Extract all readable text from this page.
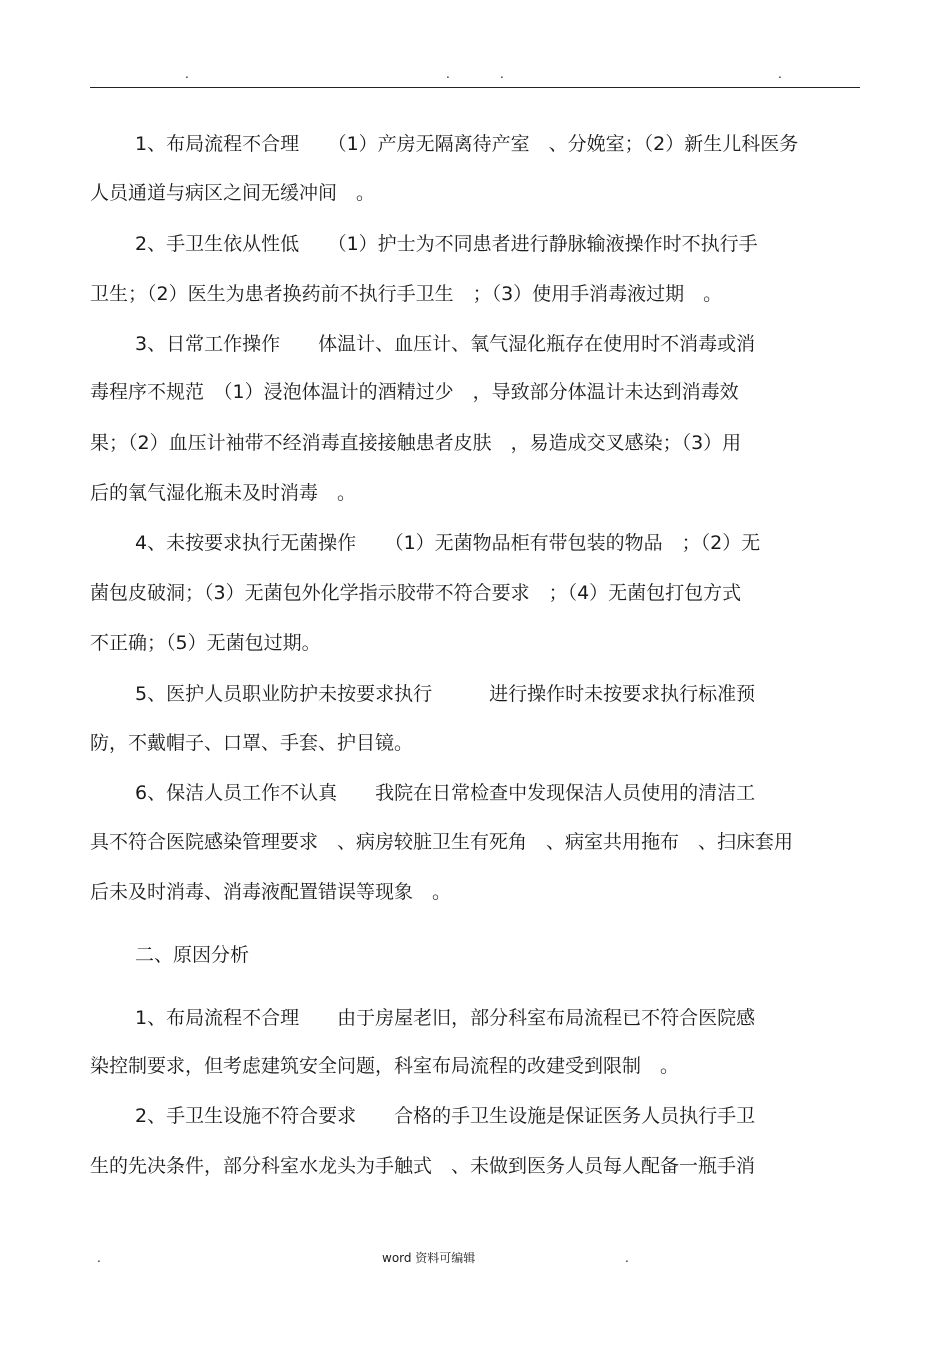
.	.	.	.
1、布局流程不合理　　（1）产房无隔离待产室　、分娩室；（2）新生儿科医务
人员通道与病区之间无缓冲间　。
2、手卫生依从性低　　（1）护士为不同患者进行静脉输液操作时不执行手
卫生；（2）医生为患者换药前不执行手卫生　；（3）使用手消毒液过期　。
3、日常工作操作　　体温计、血压计、氧气湿化瓶存在使用时不消毒或消
毒程序不规范　（1）浸泡体温计的酒精过少　，导致部分体温计未达到消毒效
果；（2）血压计袖带不经消毒直接接触患者皮肤　，易造成交叉感染；（3）用
后的氧气湿化瓶未及时消毒　。
4、未按要求执行无菌操作　　（1）无菌物品柜有带包装的物品　；（2）无
菌包皮破洞；（3）无菌包外化学指示胶带不符合要求　；（4）无菌包打包方式
不正确；（5）无菌包过期。
5、医护人员职业防护未按要求执行　　　进行操作时未按要求执行标准预
防，不戴帽子、口罩、手套、护目镜。
6、保洁人员工作不认真　　我院在日常检查中发现保洁人员使用的清洁工
具不符合医院感染管理要求　、病房较脏卫生有死角　、病室共用拖布　、扫床套用
后未及时消毒、消毒液配置错误等现象　。
二、原因分析
1、布局流程不合理　　由于房屋老旧，部分科室布局流程已不符合医院感
染控制要求，但考虑建筑安全问题，科室布局流程的改建受到限制　。
2、手卫生设施不符合要求　　合格的手卫生设施是保证医务人员执行手卫
生的先决条件，部分科室水龙头为手触式　、未做到医务人员每人配备一瓶手消
.	word 资料可编辑	.
